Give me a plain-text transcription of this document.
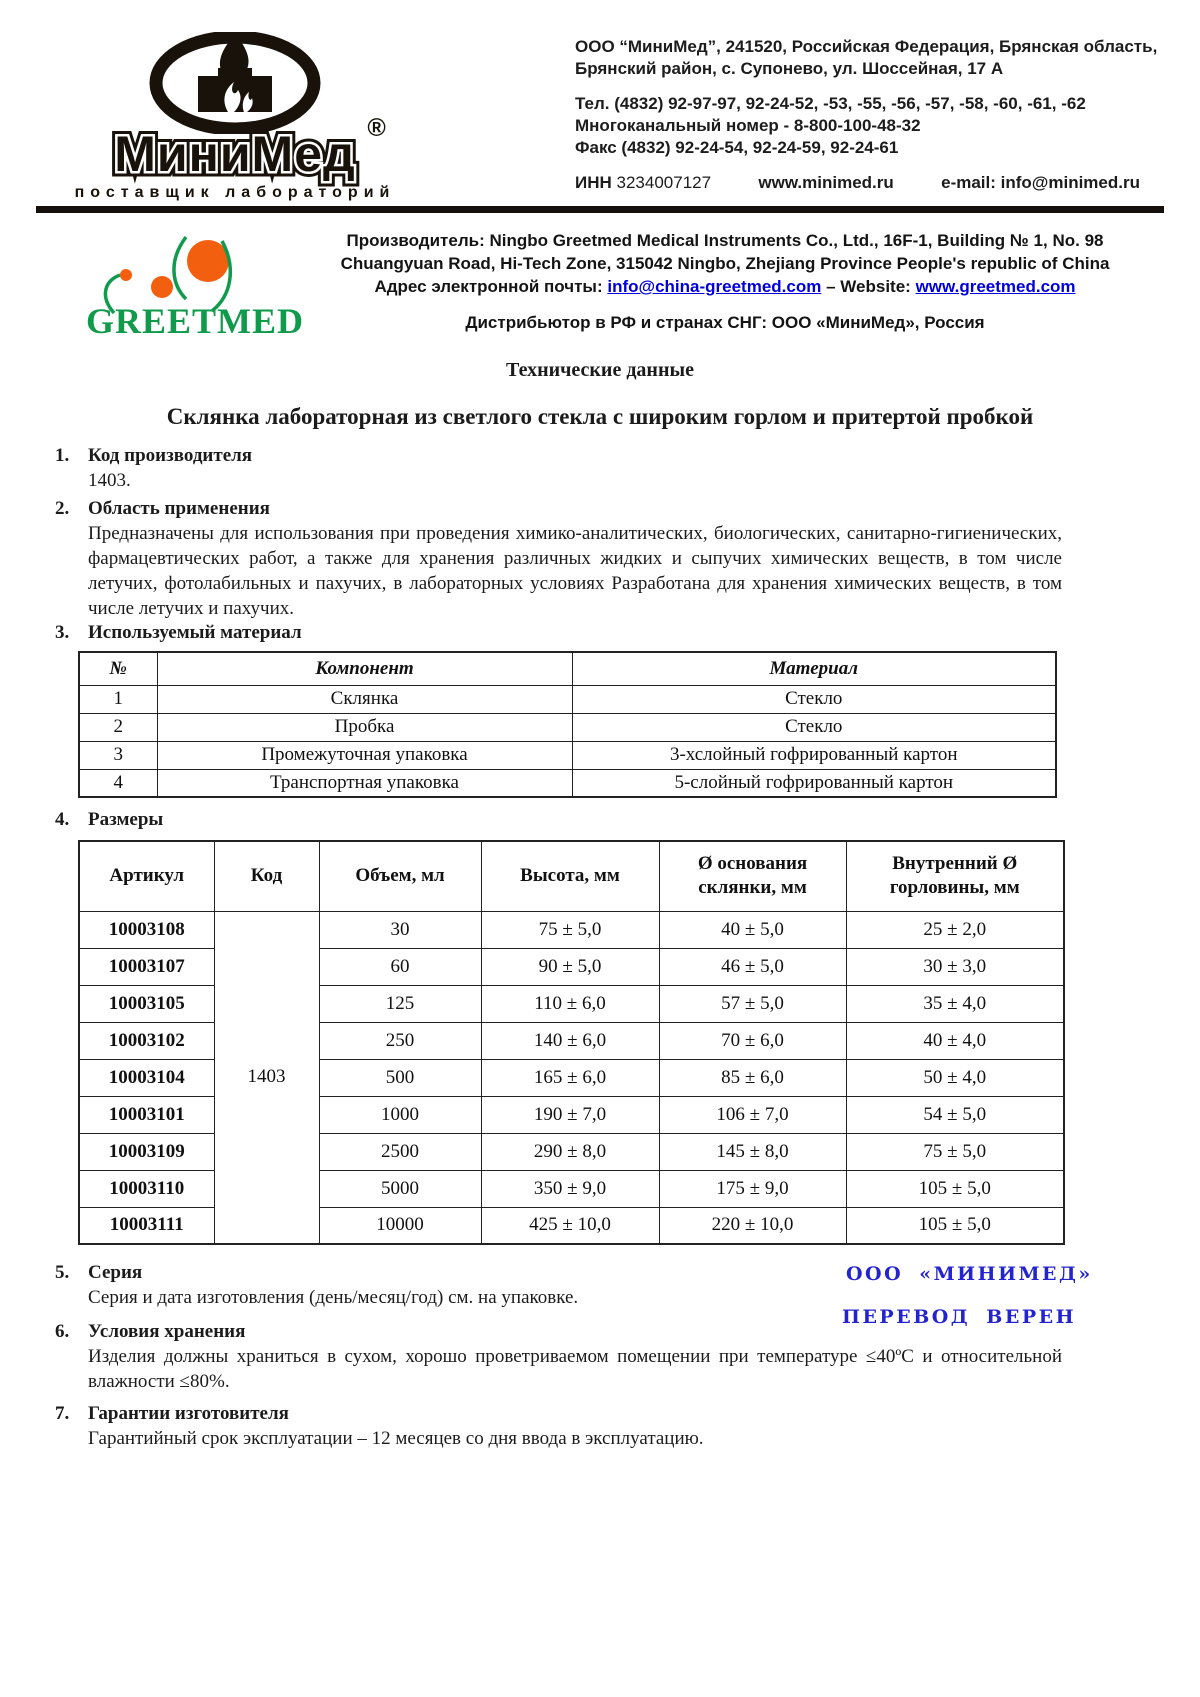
МиниМед МиниМед МиниМед ®
поставщик лабораторий
ООО “МиниМед”, 241520, Российская Федерация, Брянская область,
Брянский район, с. Супонево, ул. Шоссейная, 17 А
Тел. (4832) 92-97-97, 92-24-52, -53, -55, -56, -57, -58, -60, -61, -62
Многоканальный номер - 8-800-100-48-32
Факс (4832) 92-24-54, 92-24-59, 92-24-61
ИНН 3234007127	www.minimed.ru	e-mail: info@minimed.ru
GREETMED
Производитель: Ningbo Greetmed Medical Instruments Co., Ltd., 16F-1, Building № 1, No. 98
Chuangyuan Road, Hi-Tech Zone, 315042 Ningbo, Zhejiang Province People's republic of China
Адрес электронной почты: info@china-greetmed.com – Website: www.greetmed.com
Дистрибьютор в РФ и странах СНГ: ООО «МиниМед», Россия
Технические данные
Склянка лабораторная из светлого стекла с широким горлом и притертой пробкой
1. Код производителя
1403.
2. Область применения
Предназначены для использования при проведения химико-аналитических, биологических, санитарно-гигиенических, фармацевтических работ, а также для хранения различных жидких и сыпучих химических веществ, в том числе летучих, фотолабильных и пахучих, в лабораторных условиях Разработана для хранения химических веществ, в том числе летучих и пахучих.
3. Используемый материал
№	Компонент	Материал
1	Склянка	Стекло
2	Пробка	Стекло
3	Промежуточная упаковка	3-хслойный гофрированный картон
4	Транспортная упаковка	5-слойный гофрированный картон
4. Размеры
Артикул	Код	Объем, мл	Высота, мм	Ø основания склянки, мм	Внутренний Ø горловины, мм
10003108	1403	30	75 ± 5,0	40 ± 5,0	25 ± 2,0
10003107		60	90 ± 5,0	46 ± 5,0	30 ± 3,0
10003105		125	110 ± 6,0	57 ± 5,0	35 ± 4,0
10003102		250	140 ± 6,0	70 ± 6,0	40 ± 4,0
10003104		500	165 ± 6,0	85 ± 6,0	50 ± 4,0
10003101		1000	190 ± 7,0	106 ± 7,0	54 ± 5,0
10003109		2500	290 ± 8,0	145 ± 8,0	75 ± 5,0
10003110		5000	350 ± 9,0	175 ± 9,0	105 ± 5,0
10003111		10000	425 ± 10,0	220 ± 10,0	105 ± 5,0
5. Серия
Серия и дата изготовления (день/месяц/год) см. на упаковке.
6. Условия хранения
Изделия должны храниться в сухом, хорошо проветриваемом помещении при температуре ≤40ºС и относительной влажности ≤80%.
7. Гарантии изготовителя
Гарантийный срок эксплуатации – 12 месяцев со дня ввода в эксплуатацию.
ООО «МИНИМЕД»
ПЕРЕВОД ВЕРЕН
